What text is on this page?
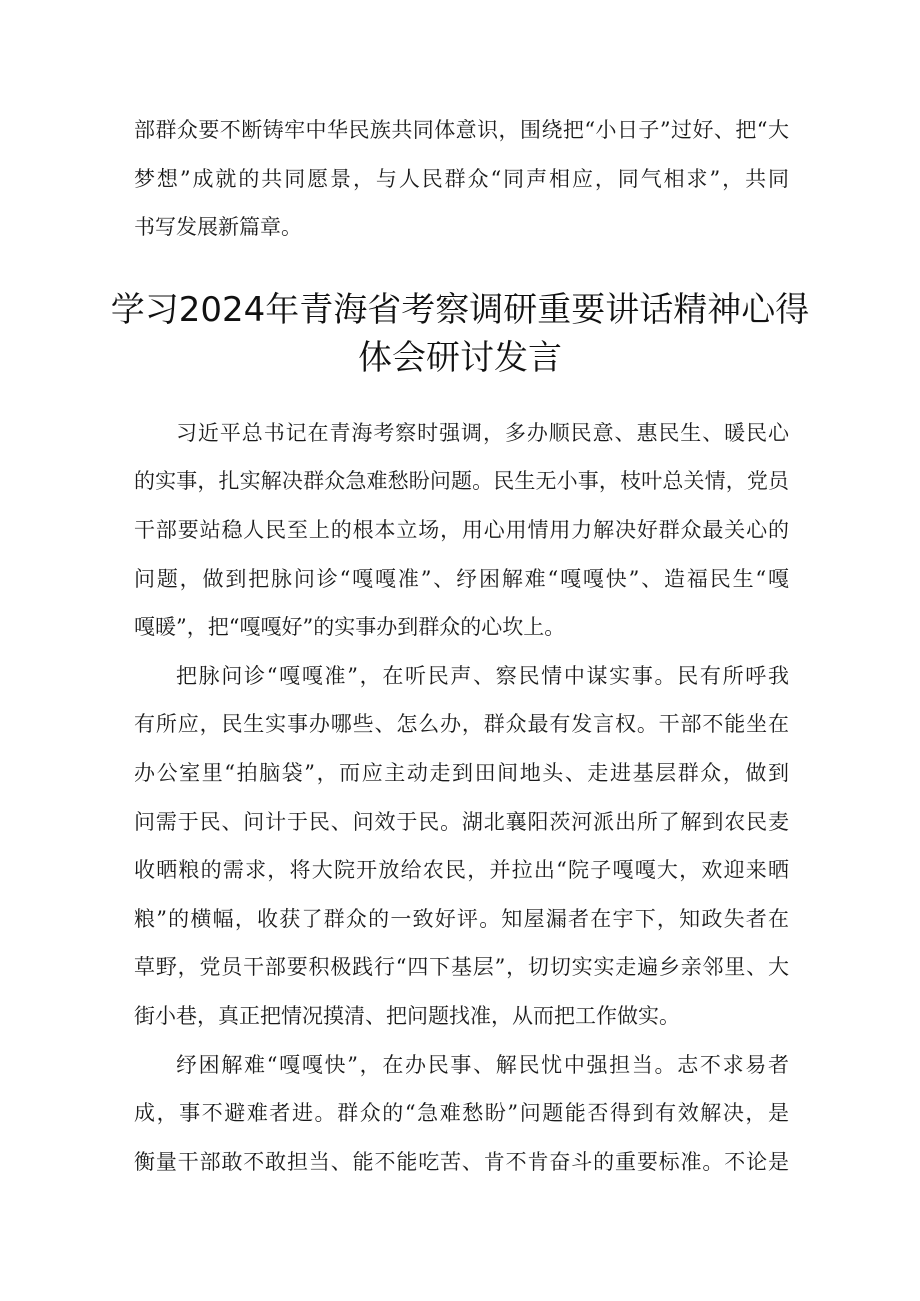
部群众要不断铸牢中华民族共同体意识，围绕把“小日子”过好、把“大
梦想”成就的共同愿景，与人民群众“同声相应，同气相求”，共同
书写发展新篇章。
学习2024年青海省考察调研重要讲话精神心得
体会研讨发言
习近平总书记在青海考察时强调，多办顺民意、惠民生、暖民心
的实事，扎实解决群众急难愁盼问题。民生无小事，枝叶总关情，党员
干部要站稳人民至上的根本立场，用心用情用力解决好群众最关心的
问题，做到把脉问诊“嘎嘎准”、纾困解难“嘎嘎快”、造福民生“嘎
嘎暖”，把“嘎嘎好”的实事办到群众的心坎上。
把脉问诊“嘎嘎准”，在听民声、察民情中谋实事。民有所呼我
有所应，民生实事办哪些、怎么办，群众最有发言权。干部不能坐在
办公室里“拍脑袋”，而应主动走到田间地头、走进基层群众，做到
问需于民、问计于民、问效于民。湖北襄阳茨河派出所了解到农民麦
收晒粮的需求，将大院开放给农民，并拉出“院子嘎嘎大，欢迎来晒
粮”的横幅，收获了群众的一致好评。知屋漏者在宇下，知政失者在
草野，党员干部要积极践行“四下基层”，切切实实走遍乡亲邻里、大
街小巷，真正把情况摸清、把问题找准，从而把工作做实。
纾困解难“嘎嘎快”，在办民事、解民忧中强担当。志不求易者
成，事不避难者进。群众的“急难愁盼”问题能否得到有效解决，是
衡量干部敢不敢担当、能不能吃苦、肯不肯奋斗的重要标准。不论是
